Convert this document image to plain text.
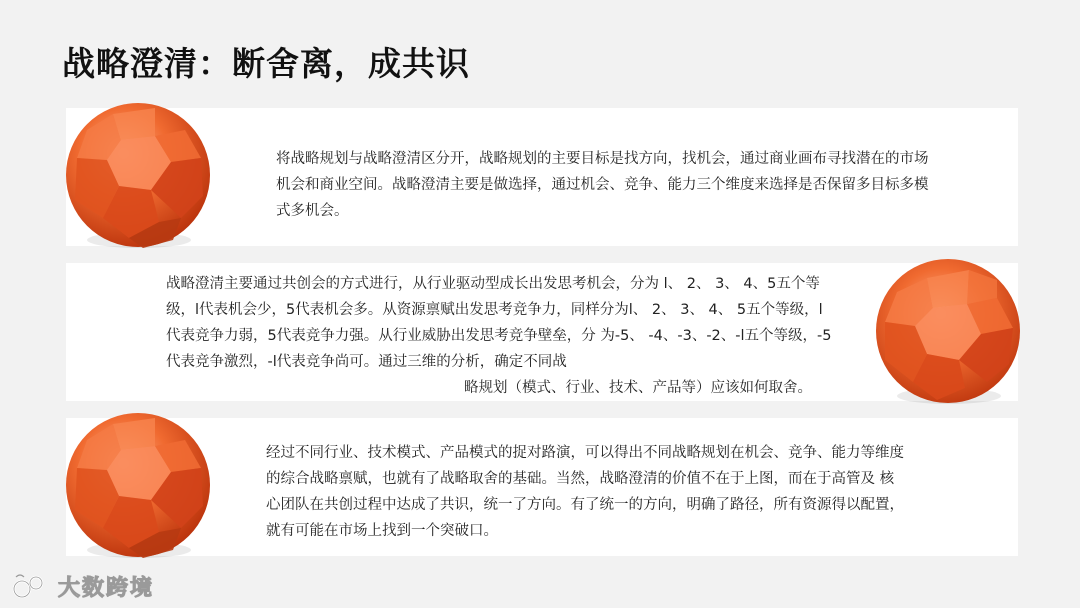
战略澄清：断舍离，成共识

将战略规划与战略澄清区分开，战略规划的主要目标是找方向，找机会，通过商业画布寻找潜在的市场机会和商业空间。战略澄清主要是做选择，通过机会、竞争、能力三个维度来选择是否保留多目标多模式多机会。

战略澄清主要通过共创会的方式进行，从行业驱动型成长出发思考机会，分为 l、 2、 3、 4、5五个等级，l代表机会少，5代表机会多。从资源禀赋出发思考竞争力，同样分为l、 2、 3、 4、 5五个等级，l代表竞争力弱，5代表竞争力强。从行业威胁出发思考竞争壁垒，分 为-5、 -4、-3、-2、-l五个等级，-5代表竞争激烈，-l代表竞争尚可。通过三维的分析，确定不同战
略规划（模式、行业、技术、产品等）应该如何取舍。

经过不同行业、技术模式、产品模式的捉对路演，可以得出不同战略规划在机会、竞争、能力等维度的综合战略禀赋，也就有了战略取舍的基础。当然，战略澄清的价值不在于上图，而在于高管及 核心团队在共创过程中达成了共识，统一了方向。有了统一的方向，明确了路径，所有资源得以配置，就有可能在市场上找到一个突破口。

大数跨境
